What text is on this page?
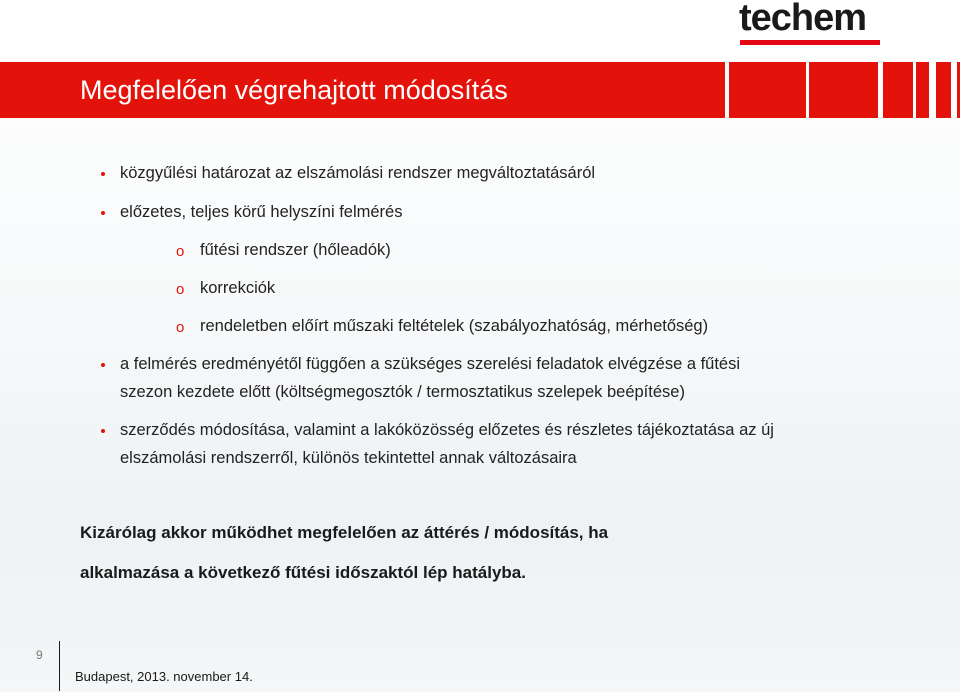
techem
Megfelelően végrehajtott módosítás
közgyűlési határozat az elszámolási rendszer megváltoztatásáról
előzetes, teljes körű helyszíni felmérés
o fűtési rendszer (hőleadók)
o korrekciók
o rendeletben előírt műszaki feltételek (szabályozhatóság, mérhetőség)
a felmérés eredményétől függően a szükséges szerelési feladatok elvégzése a fűtési
szezon kezdete előtt (költségmegosztók / termosztatikus szelepek beépítése)
szerződés módosítása, valamint a lakóközösség előzetes és részletes tájékoztatása az új
elszámolási rendszerről, különös tekintettel annak változásaira
Kizárólag akkor működhet megfelelően az áttérés / módosítás, ha
alkalmazása a következő fűtési időszaktól lép hatályba.
9
Budapest, 2013. november 14.
